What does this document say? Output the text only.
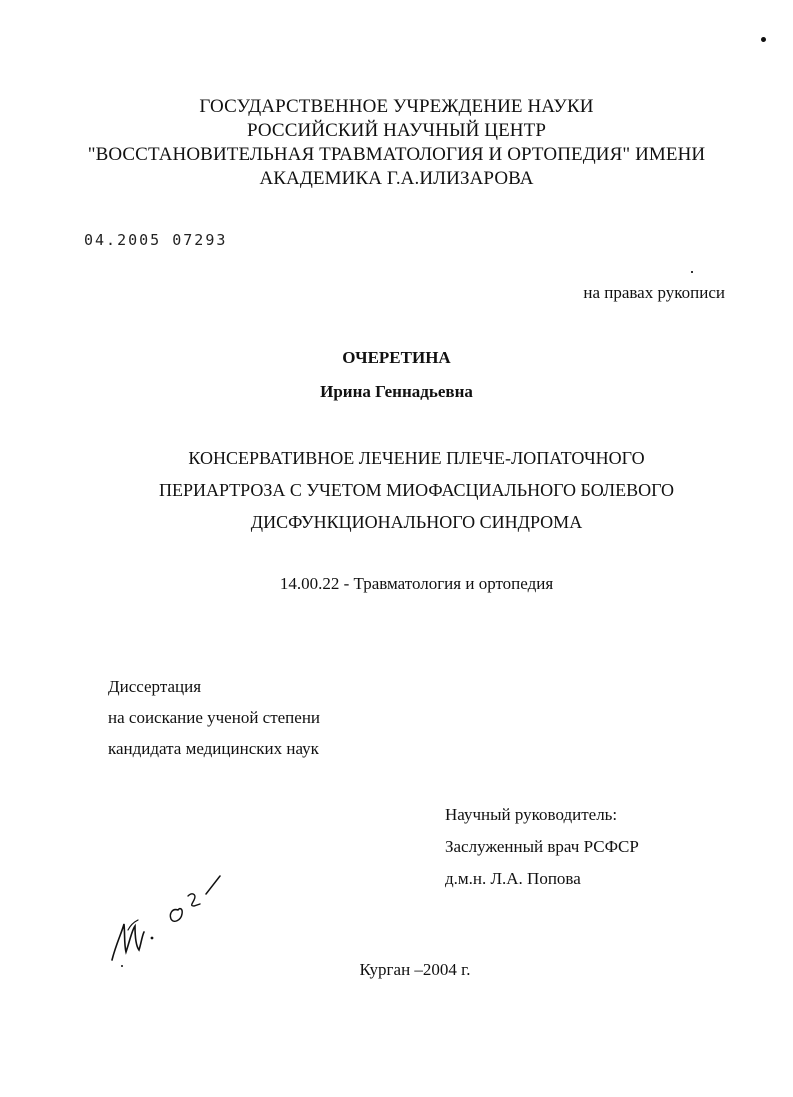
ГОСУДАРСТВЕННОЕ УЧРЕЖДЕНИЕ НАУКИ
РОССИЙСКИЙ НАУЧНЫЙ ЦЕНТР
"ВОССТАНОВИТЕЛЬНАЯ ТРАВМАТОЛОГИЯ И ОРТОПЕДИЯ" ИМЕНИ
АКАДЕМИКА Г.А.ИЛИЗАРОВА
04.2005 07293
на правах рукописи
ОЧЕРЕТИНА
Ирина Геннадьевна
КОНСЕРВАТИВНОЕ ЛЕЧЕНИЕ ПЛЕЧЕ-ЛОПАТОЧНОГО
ПЕРИАРТРОЗА С УЧЕТОМ МИОФАСЦИАЛЬНОГО БОЛЕВОГО
ДИСФУНКЦИОНАЛЬНОГО СИНДРОМА
14.00.22 - Травматология и ортопедия
Диссертация
на соискание ученой степени
кандидата медицинских наук
Научный руководитель:
Заслуженный врач РСФСР
д.м.н. Л.А. Попова
Курган –2004 г.
